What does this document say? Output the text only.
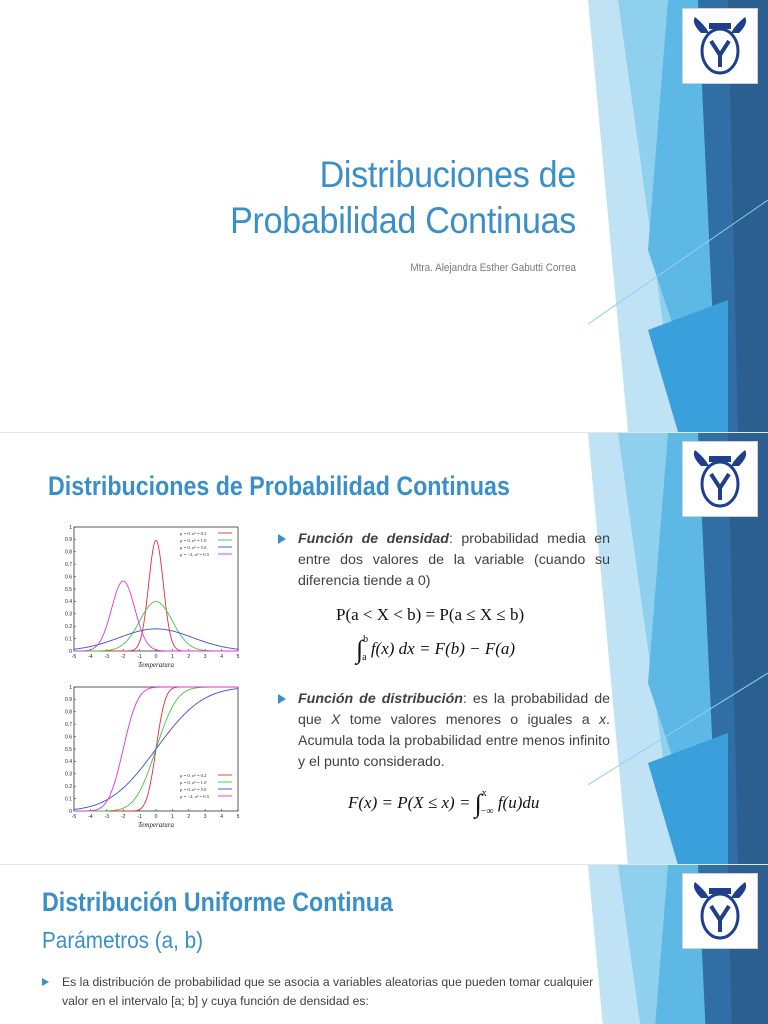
Distribuciones de
Probabilidad Continuas
Mtra. Alejandra Esther Gabutti Correa
Distribuciones de Probabilidad Continuas
-5 -4 -3 -2 -1	0	1	2	3	4	5
0
0.1
0.2
0.3
0.4
0.5
0.6
0.7
0.8
0.9
1
Temperatura
μ = 0, σ² = 0.2
μ = 0, σ² = 1.0
μ = 0, σ² = 5.0
μ = −2, σ² = 0.5
-5 -4 -3 -2 -1	0	1	2	3	4	5
0
0.1
0.2
0.3
0.4
0.5
0.6
0.7
0.8
0.9
1
Temperatura
μ = 0, σ² = 0.2
μ = 0, σ² = 1.0
μ = 0, σ² = 5.0
μ = −2, σ² = 0.5
Función de densidad: probabilidad media en entre dos valores de la variable (cuando su diferencia tiende a 0)
P(a < X < b) = P(a ≤ X ≤ b)
∫$^b_a$ f(x) dx = F(b) − F(a)
Función de distribución: es la probabilidad de que X tome valores menores o iguales a x. Acumula toda la probabilidad entre menos infinito y el punto considerado.
F(x) = P(X ≤ x) = ∫$^x_{-\infty}$ f(u)du
Distribución Uniforme Continua
Parámetros (a, b)
Es la distribución de probabilidad que se asocia a variables aleatorias que pueden tomar cualquier valor en el intervalo [a; b] y cuya función de densidad es:
